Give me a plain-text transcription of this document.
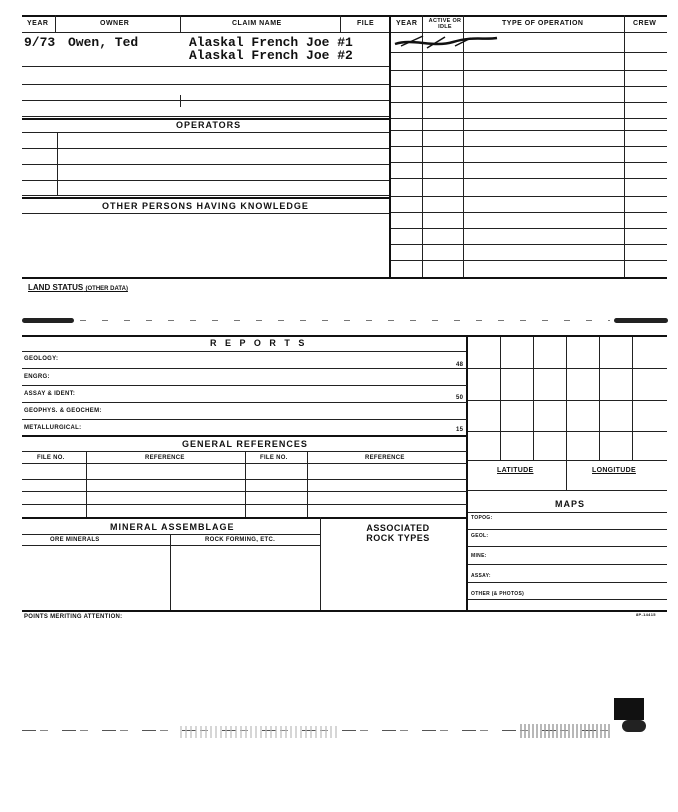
YEAR	OWNER	CLAIM NAME	FILE	YEAR	ACTIVE OR IDLE	TYPE OF OPERATION	CREW
9/73 Owen, Ted	Alaskal French Joe #1
Alaskal French Joe #2
OPERATORS
OTHER PERSONS HAVING KNOWLEDGE
LAND STATUS (OTHER DATA)
R E P O R T S
GEOLOGY:
48
ENGRG:
ASSAY & IDENT:
50
GEOPHYS. & GEOCHEM:
METALLURGICAL:	15
GENERAL REFERENCES
FILE NO.	REFERENCE	FILE NO.	REFERENCE
MINERAL ASSEMBLAGE
ORE MINERALS	ROCK FORMING, ETC.
ASSOCIATED ROCK TYPES
LATITUDE	LONGITUDE
MAPS
TOPOG:
GEOL:
MINE:
ASSAY:
OTHER (& PHOTOS)
POINTS MERITING ATTENTION:	8P-14415
